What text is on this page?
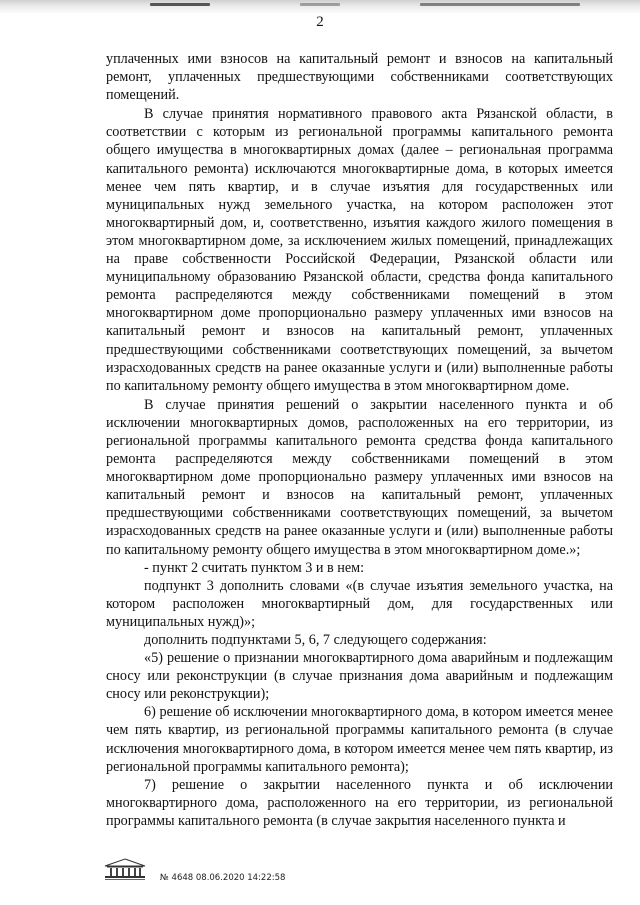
2

уплаченных ими взносов на капитальный ремонт и взносов на капитальный ремонт, уплаченных предшествующими собственниками соответствующих помещений.

В случае принятия нормативного правового акта Рязанской области, в соответствии с которым из региональной программы капитального ремонта общего имущества в многоквартирных домах (далее – региональная программа капитального ремонта) исключаются многоквартирные дома, в которых имеется менее чем пять квартир, и в случае изъятия для государственных или муниципальных нужд земельного участка, на котором расположен этот многоквартирный дом, и, соответственно, изъятия каждого жилого помещения в этом многоквартирном доме, за исключением жилых помещений, принадлежащих на праве собственности Российской Федерации, Рязанской области или муниципальному образованию Рязанской области, средства фонда капитального ремонта распределяются между собственниками помещений в этом многоквартирном доме пропорционально размеру уплаченных ими взносов на капитальный ремонт и взносов на капитальный ремонт, уплаченных предшествующими собственниками соответствующих помещений, за вычетом израсходованных средств на ранее оказанные услуги и (или) выполненные работы по капитальному ремонту общего имущества в этом многоквартирном доме.

В случае принятия решений о закрытии населенного пункта и об исключении многоквартирных домов, расположенных на его территории, из региональной программы капитального ремонта средства фонда капитального ремонта распределяются между собственниками помещений в этом многоквартирном доме пропорционально размеру уплаченных ими взносов на капитальный ремонт и взносов на капитальный ремонт, уплаченных предшествующими собственниками соответствующих помещений, за вычетом израсходованных средств на ранее оказанные услуги и (или) выполненные работы по капитальному ремонту общего имущества в этом многоквартирном доме.»;

- пункт 2 считать пунктом 3 и в нем:

подпункт 3 дополнить словами «(в случае изъятия земельного участка, на котором расположен многоквартирный дом, для государственных или муниципальных нужд)»;

дополнить подпунктами 5, 6, 7 следующего содержания:

«5) решение о признании многоквартирного дома аварийным и подлежащим сносу или реконструкции (в случае признания дома аварийным и подлежащим сносу или реконструкции);

6) решение об исключении многоквартирного дома, в котором имеется менее чем пять квартир, из региональной программы капитального ремонта (в случае исключения многоквартирного дома, в котором имеется менее чем пять квартир, из региональной программы капитального ремонта);

7) решение о закрытии населенного пункта и об исключении многоквартирного дома, расположенного на его территории, из региональной программы капитального ремонта (в случае закрытия населенного пункта и

№ 4648 08.06.2020 14:22:58
